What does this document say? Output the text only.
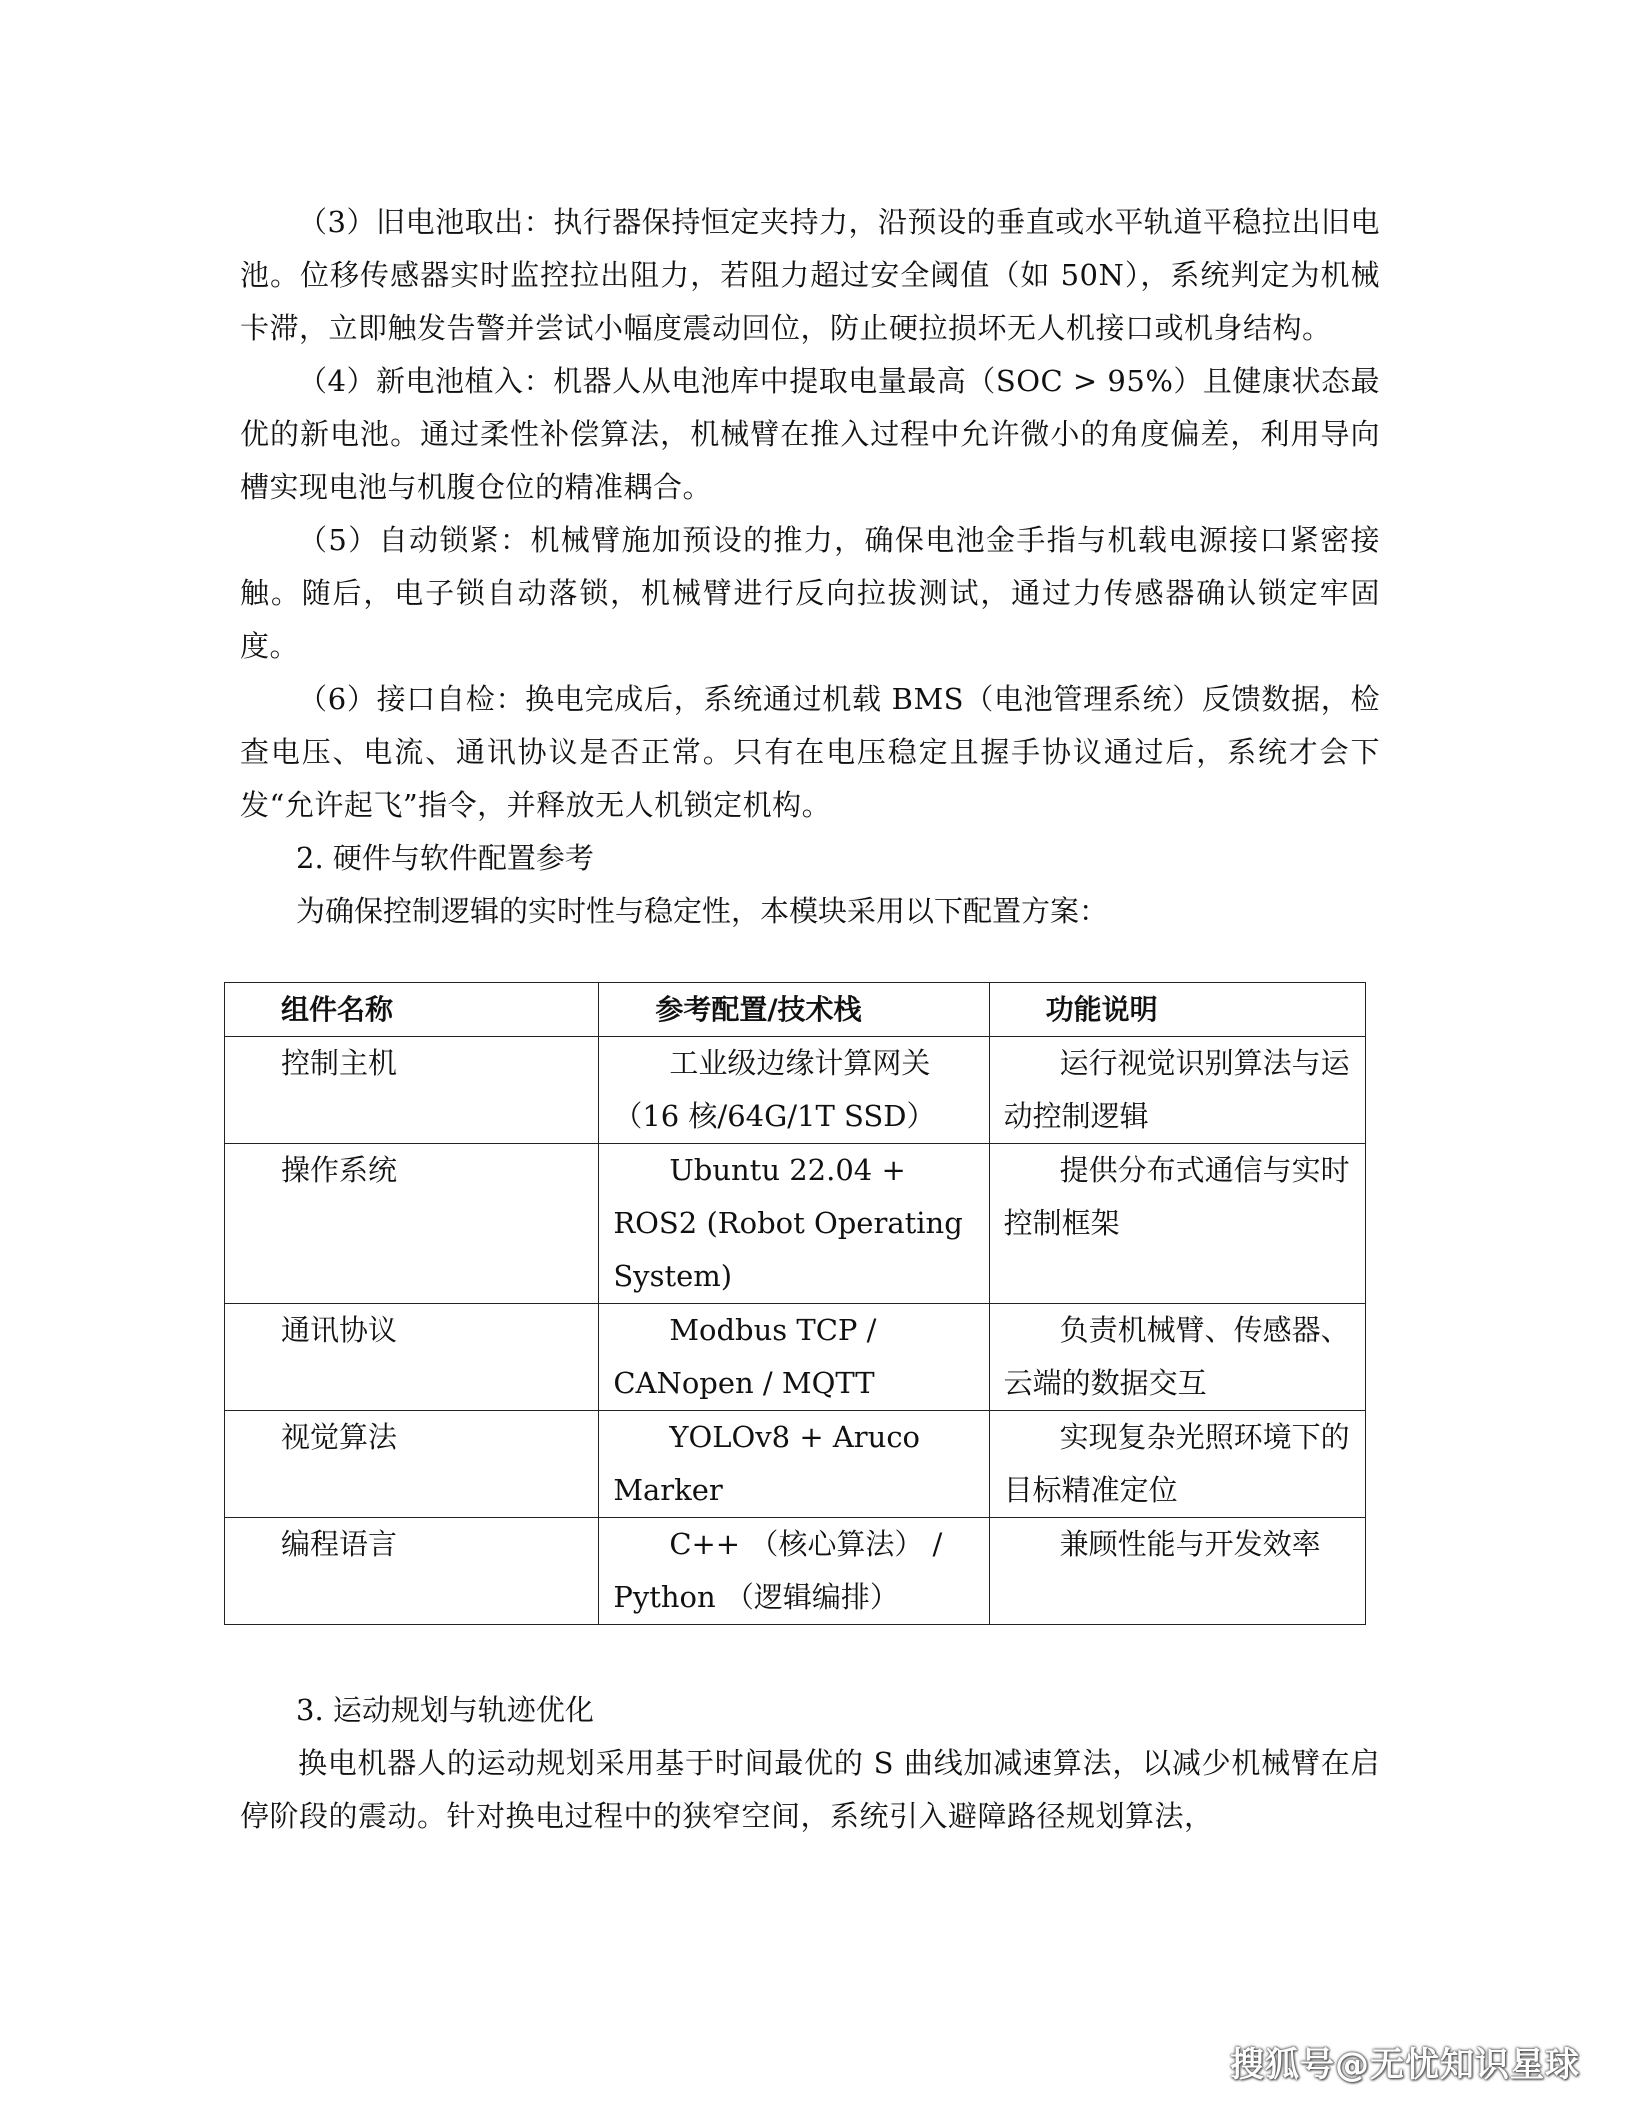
（3）旧电池取出：执行器保持恒定夹持力，沿预设的垂直或水平轨道平稳拉出旧电池。位移传感器实时监控拉出阻力，若阻力超过安全阈值（如 50N），系统判定为机械卡滞，立即触发告警并尝试小幅度震动回位，防止硬拉损坏无人机接口或机身结构。

（4）新电池植入：机器人从电池库中提取电量最高（SOC > 95%）且健康状态最优的新电池。通过柔性补偿算法，机械臂在推入过程中允许微小的角度偏差，利用导向槽实现电池与机腹仓位的精准耦合。

（5）自动锁紧：机械臂施加预设的推力，确保电池金手指与机载电源接口紧密接触。随后，电子锁自动落锁，机械臂进行反向拉拔测试，通过力传感器确认锁定牢固度。

（6）接口自检：换电完成后，系统通过机载 BMS（电池管理系统）反馈数据，检查电压、电流、通讯协议是否正常。只有在电压稳定且握手协议通过后，系统才会下发“允许起飞”指令，并释放无人机锁定机构。

2. 硬件与软件配置参考

为确保控制逻辑的实时性与稳定性，本模块采用以下配置方案：

组件名称	参考配置/技术栈	功能说明
控制主机	工业级边缘计算网关（16 核/64G/1T SSD）	运行视觉识别算法与运动控制逻辑

操作系统	Ubuntu 22.04 + ROS2 (Robot Operating System)	提供分布式通信与实时控制框架

通讯协议	Modbus TCP / CANopen / MQTT	负责机械臂、传感器、云端的数据交互

视觉算法	YOLOv8 + Aruco Marker	实现复杂光照环境下的目标精准定位

编程语言	C++ （核心算法） / Python （逻辑编排）	兼顾性能与开发效率

3. 运动规划与轨迹优化

换电机器人的运动规划采用基于时间最优的 S 曲线加减速算法，以减少机械臂在启停阶段的震动。针对换电过程中的狭窄空间，系统引入避障路径规划算法，

搜狐号@无忧知识星球
